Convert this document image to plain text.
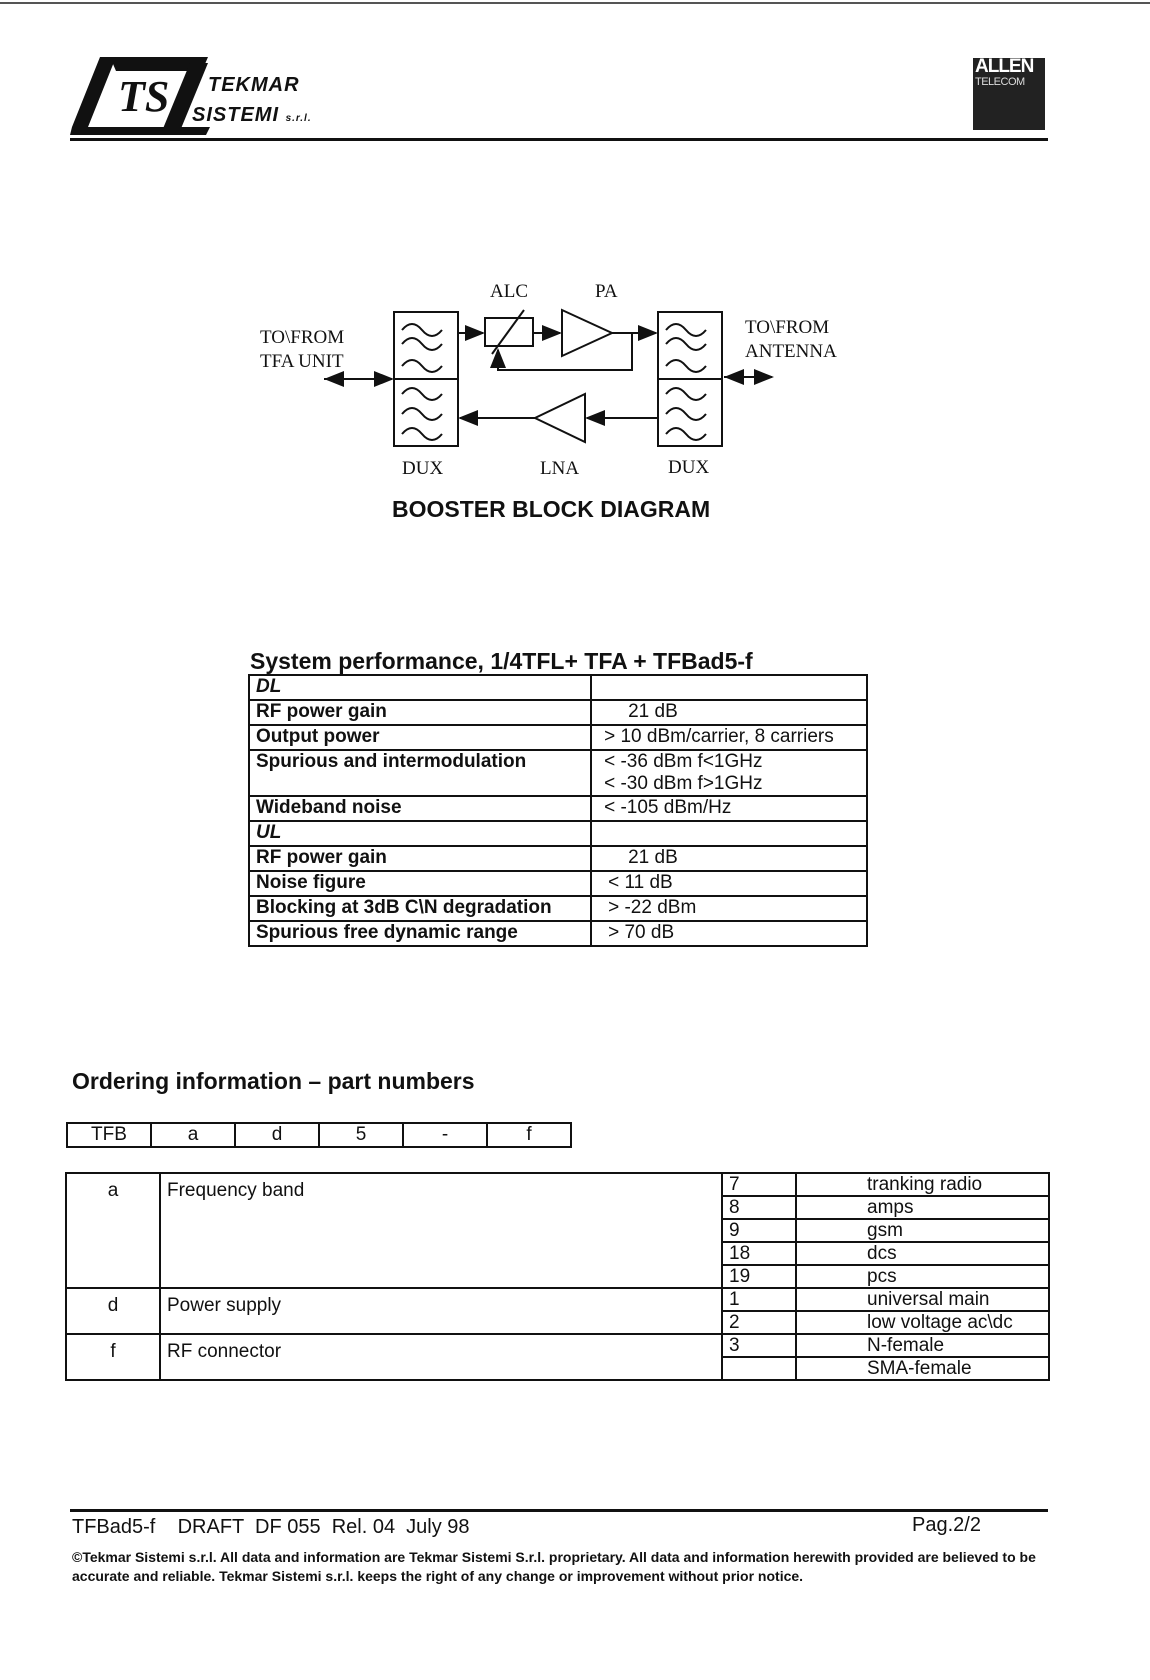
TS TEKMAR
SISTEMI s.r.l.
ALLEN
TELECOM
ALC	PA
TO\FROM
TFA UNIT
TO\FROM
ANTENNA
DUX	LNA	DUX
BOOSTER BLOCK DIAGRAM
System performance, 1/4TFL+ TFA + TFBad5-f
DL	
RF power gain	21 dB
Output power	> 10 dBm/carrier, 8 carriers
Spurious and intermodulation	< -36 dBm f<1GHz
< -30 dBm f>1GHz

Wideband noise	< -105 dBm/Hz
UL	
RF power gain	21 dB
Noise figure	< 11 dB
Blocking at 3dB C\N degradation	> -22 dBm
Spurious free dynamic range	> 70 dB
Ordering information – part numbers
TFB	a	d	5	-	f
a	Frequency band	7	tranking radio
		8	amps
		9	gsm
		18	dcs
		19	pcs
d	Power supply	1	universal main
		2	low voltage ac\dc
f	RF connector	3	N-female
			SMA-female
TFBad5-f    DRAFT  DF 055  Rel. 04  July 98	Pag.2/2
©Tekmar Sistemi s.r.l. All data and information are Tekmar Sistemi S.r.l. proprietary. All data and information herewith provided are believed to be accurate and reliable. Tekmar Sistemi s.r.l. keeps the right of any change or improvement without prior notice.
